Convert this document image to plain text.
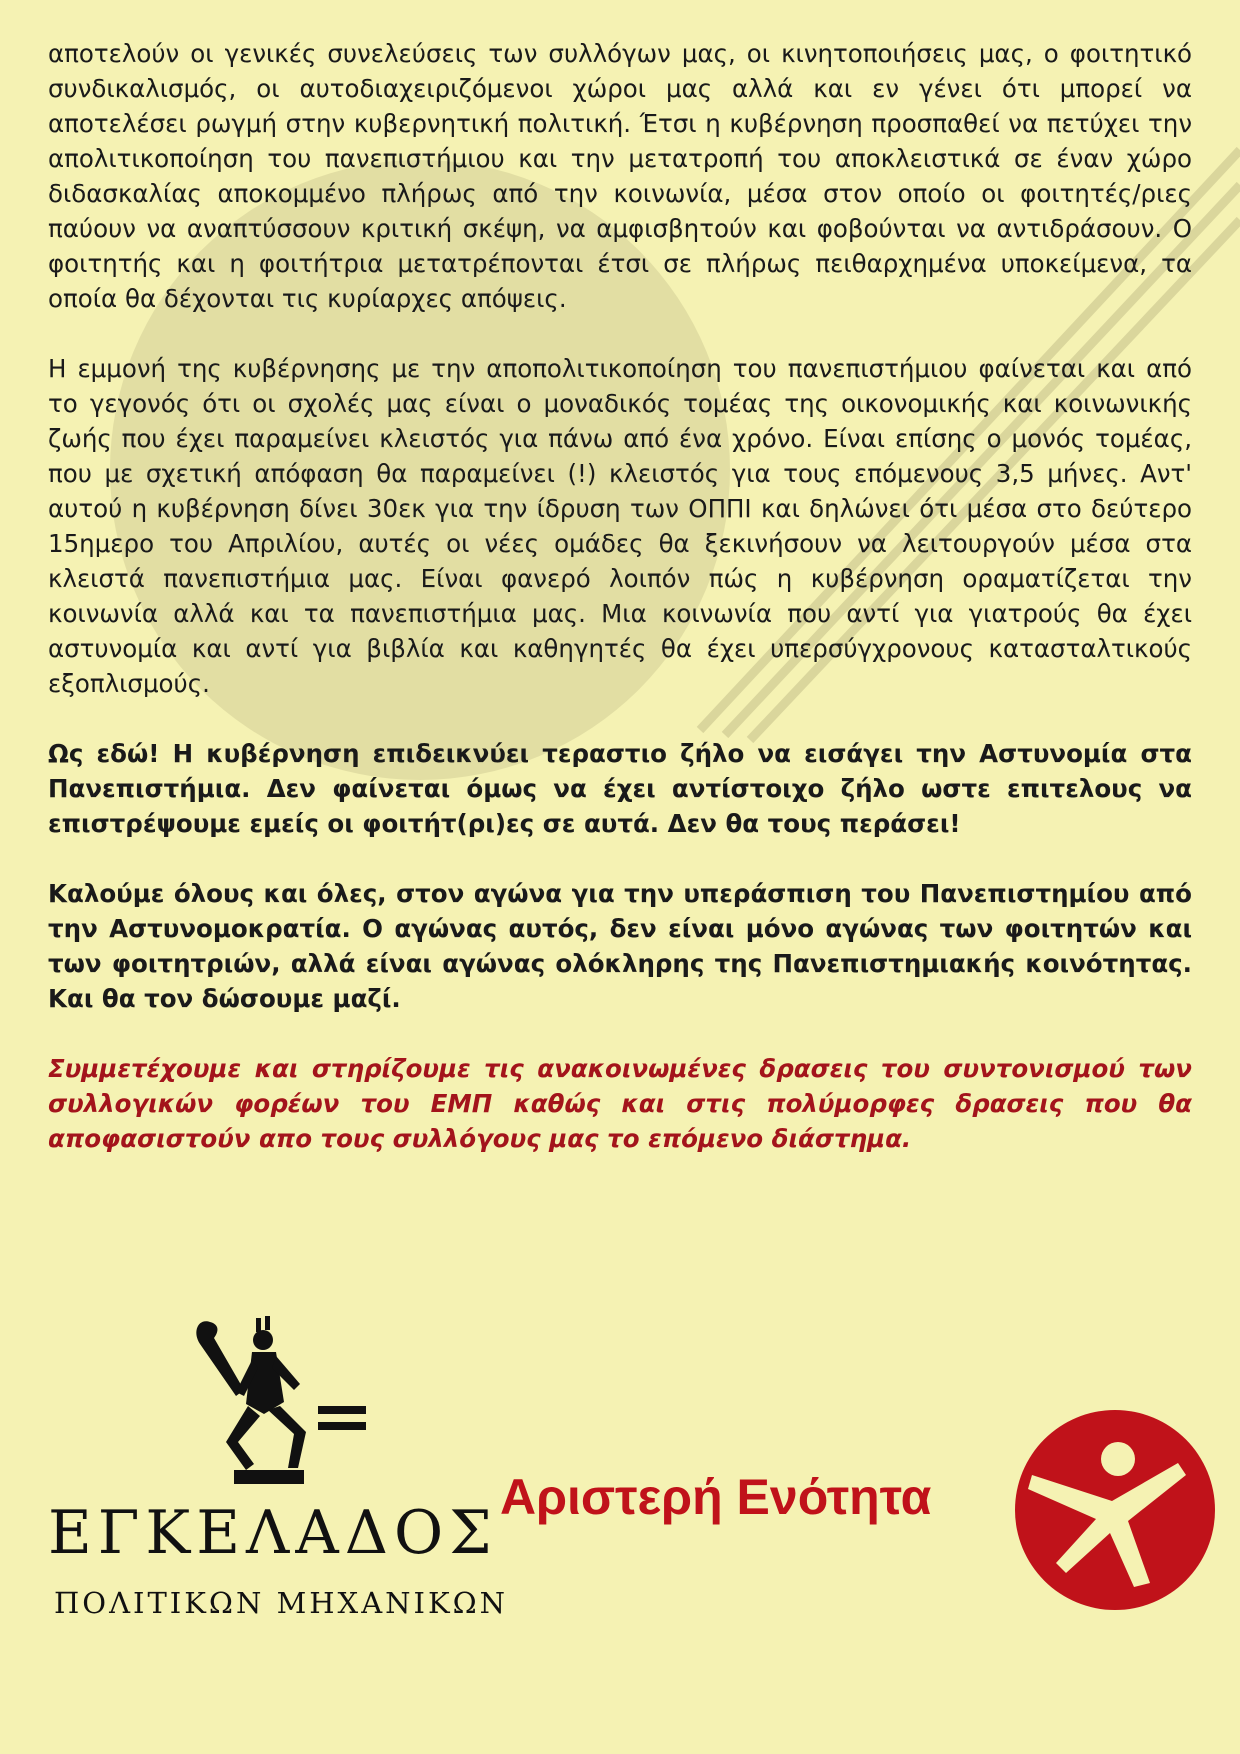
αποτελούν οι γενικές συνελεύσεις των συλλόγων μας, οι κινητοποιήσεις μας, ο φοιτητικό συνδικαλισμός, οι αυτοδιαχειριζόμενοι χώροι μας αλλά και εν γένει ότι μπορεί να αποτελέσει ρωγμή στην κυβερνητική πολιτική. Έτσι η κυβέρνηση προσπαθεί να πετύχει την απολιτικοποίηση του πανεπιστήμιου και την μετατροπή του αποκλειστικά σε έναν χώρο διδασκαλίας αποκομμένο πλήρως από την κοινωνία, μέσα στον οποίο οι φοιτητές/ριες παύουν να αναπτύσσουν κριτική σκέψη, να αμφισβητούν και φοβούνται να αντιδράσουν. Ο φοιτητής και η φοιτήτρια μετατρέπονται έτσι σε πλήρως πειθαρχημένα υποκείμενα, τα οποία θα δέχονται τις κυρίαρχες απόψεις.

Η εμμονή της κυβέρνησης με την αποπολιτικοποίηση του πανεπιστήμιου φαίνεται και από το γεγονός ότι οι σχολές μας είναι ο μοναδικός τομέας της οικονομικής και κοινωνικής ζωής που έχει παραμείνει κλειστός για πάνω από ένα χρόνο. Είναι επίσης ο μονός τομέας, που με σχετική απόφαση θα παραμείνει (!) κλειστός για τους επόμενους 3,5 μήνες. Αντ' αυτού η κυβέρνηση δίνει 30εκ για την ίδρυση των ΟΠΠΙ και δηλώνει ότι μέσα στο δεύτερο 15ημερο του Απριλίου, αυτές οι νέες ομάδες θα ξεκινήσουν να λειτουργούν μέσα στα κλειστά πανεπιστήμια μας. Είναι φανερό λοιπόν πώς η κυβέρνηση οραματίζεται την κοινωνία αλλά και τα πανεπιστήμια μας. Μια κοινωνία που αντί για γιατρούς θα έχει αστυνομία και αντί για βιβλία και καθηγητές θα έχει υπερσύγχρονους κατασταλτικούς εξοπλισμούς.

Ως εδώ! Η κυβέρνηση επιδεικνύει τεραστιο ζήλο να εισάγει την Αστυνομία στα Πανεπιστήμια. Δεν φαίνεται όμως να έχει αντίστοιχο ζήλο ωστε επιτελους να επιστρέψουμε εμείς οι φοιτήτ(ρι)ες σε αυτά. Δεν θα τους περάσει!

Καλούμε όλους και όλες, στον αγώνα για την υπεράσπιση του Πανεπιστημίου από την Αστυνομοκρατία. Ο αγώνας αυτός, δεν είναι μόνο αγώνας των φοιτητών και των φοιτητριών, αλλά είναι αγώνας ολόκληρης της Πανεπιστημιακής κοινότητας. Και θα τον δώσουμε μαζί.

Συμμετέχουμε και στηρίζουμε τις ανακοινωμένες δρασεις του συντονισμού των συλλογικών φορέων του ΕΜΠ καθώς και στις πολύμορφες δρασεις που θα αποφασιστούν απο τους συλλόγους μας το επόμενο διάστημα.

ΕΓΚΕΛΑΔΟΣ
ΠΟΛΙΤΙΚΩΝ ΜΗΧΑΝΙΚΩΝ
Αριστερή Ενότητα
